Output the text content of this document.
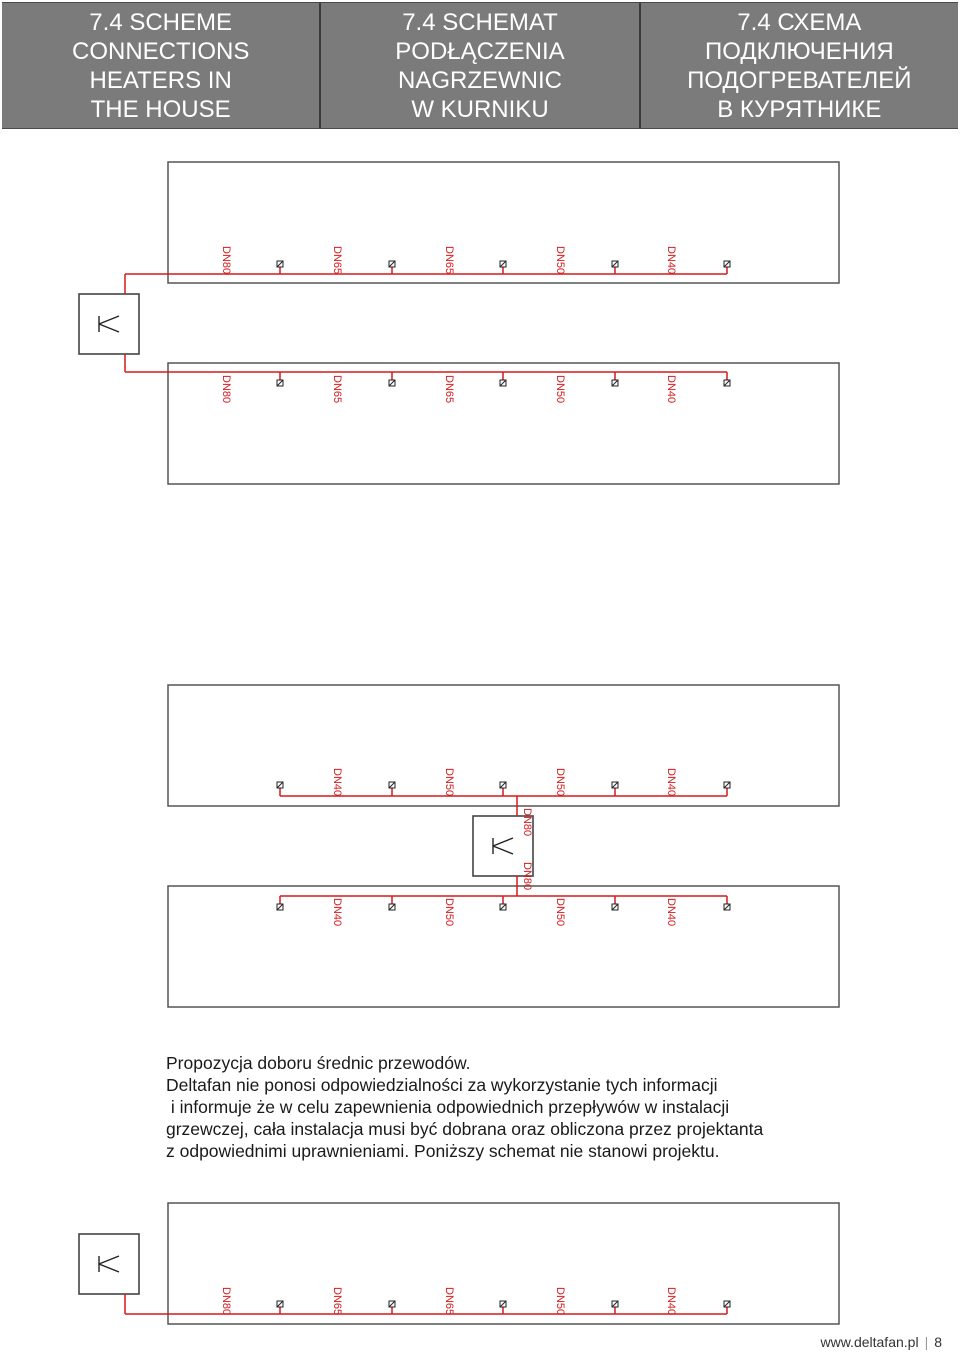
7.4 SCHEME
CONNECTIONS
HEATERS IN
THE HOUSE
7.4 SCHEMAT
PODŁĄCZENIA
NAGRZEWNIC
W KURNIKU
7.4 СХЕМА
ПОДКЛЮЧЕНИЯ
ПОДОГРЕВАТЕЛЕЙ
В КУРЯТНИКЕ
DN80	DN65	DN65	DN50	DN40
DN80	DN65	DN65	DN50	DN40
DN40	DN50	DN50	DN40
DN40	DN50	DN50	DN40
DN80
DN80
DN80	DN65	DN65	DN50	DN40
Propozycja doboru średnic przewodów.
Deltafan nie ponosi odpowiedzialności za wykorzystanie tych informacji
i informuje że w celu zapewnienia odpowiednich przepływów w instalacji
grzewczej, cała instalacja musi być dobrana oraz obliczona przez projektanta
z odpowiednimi uprawnieniami. Poniższy schemat nie stanowi projektu.
www.deltafan.pl | 8
